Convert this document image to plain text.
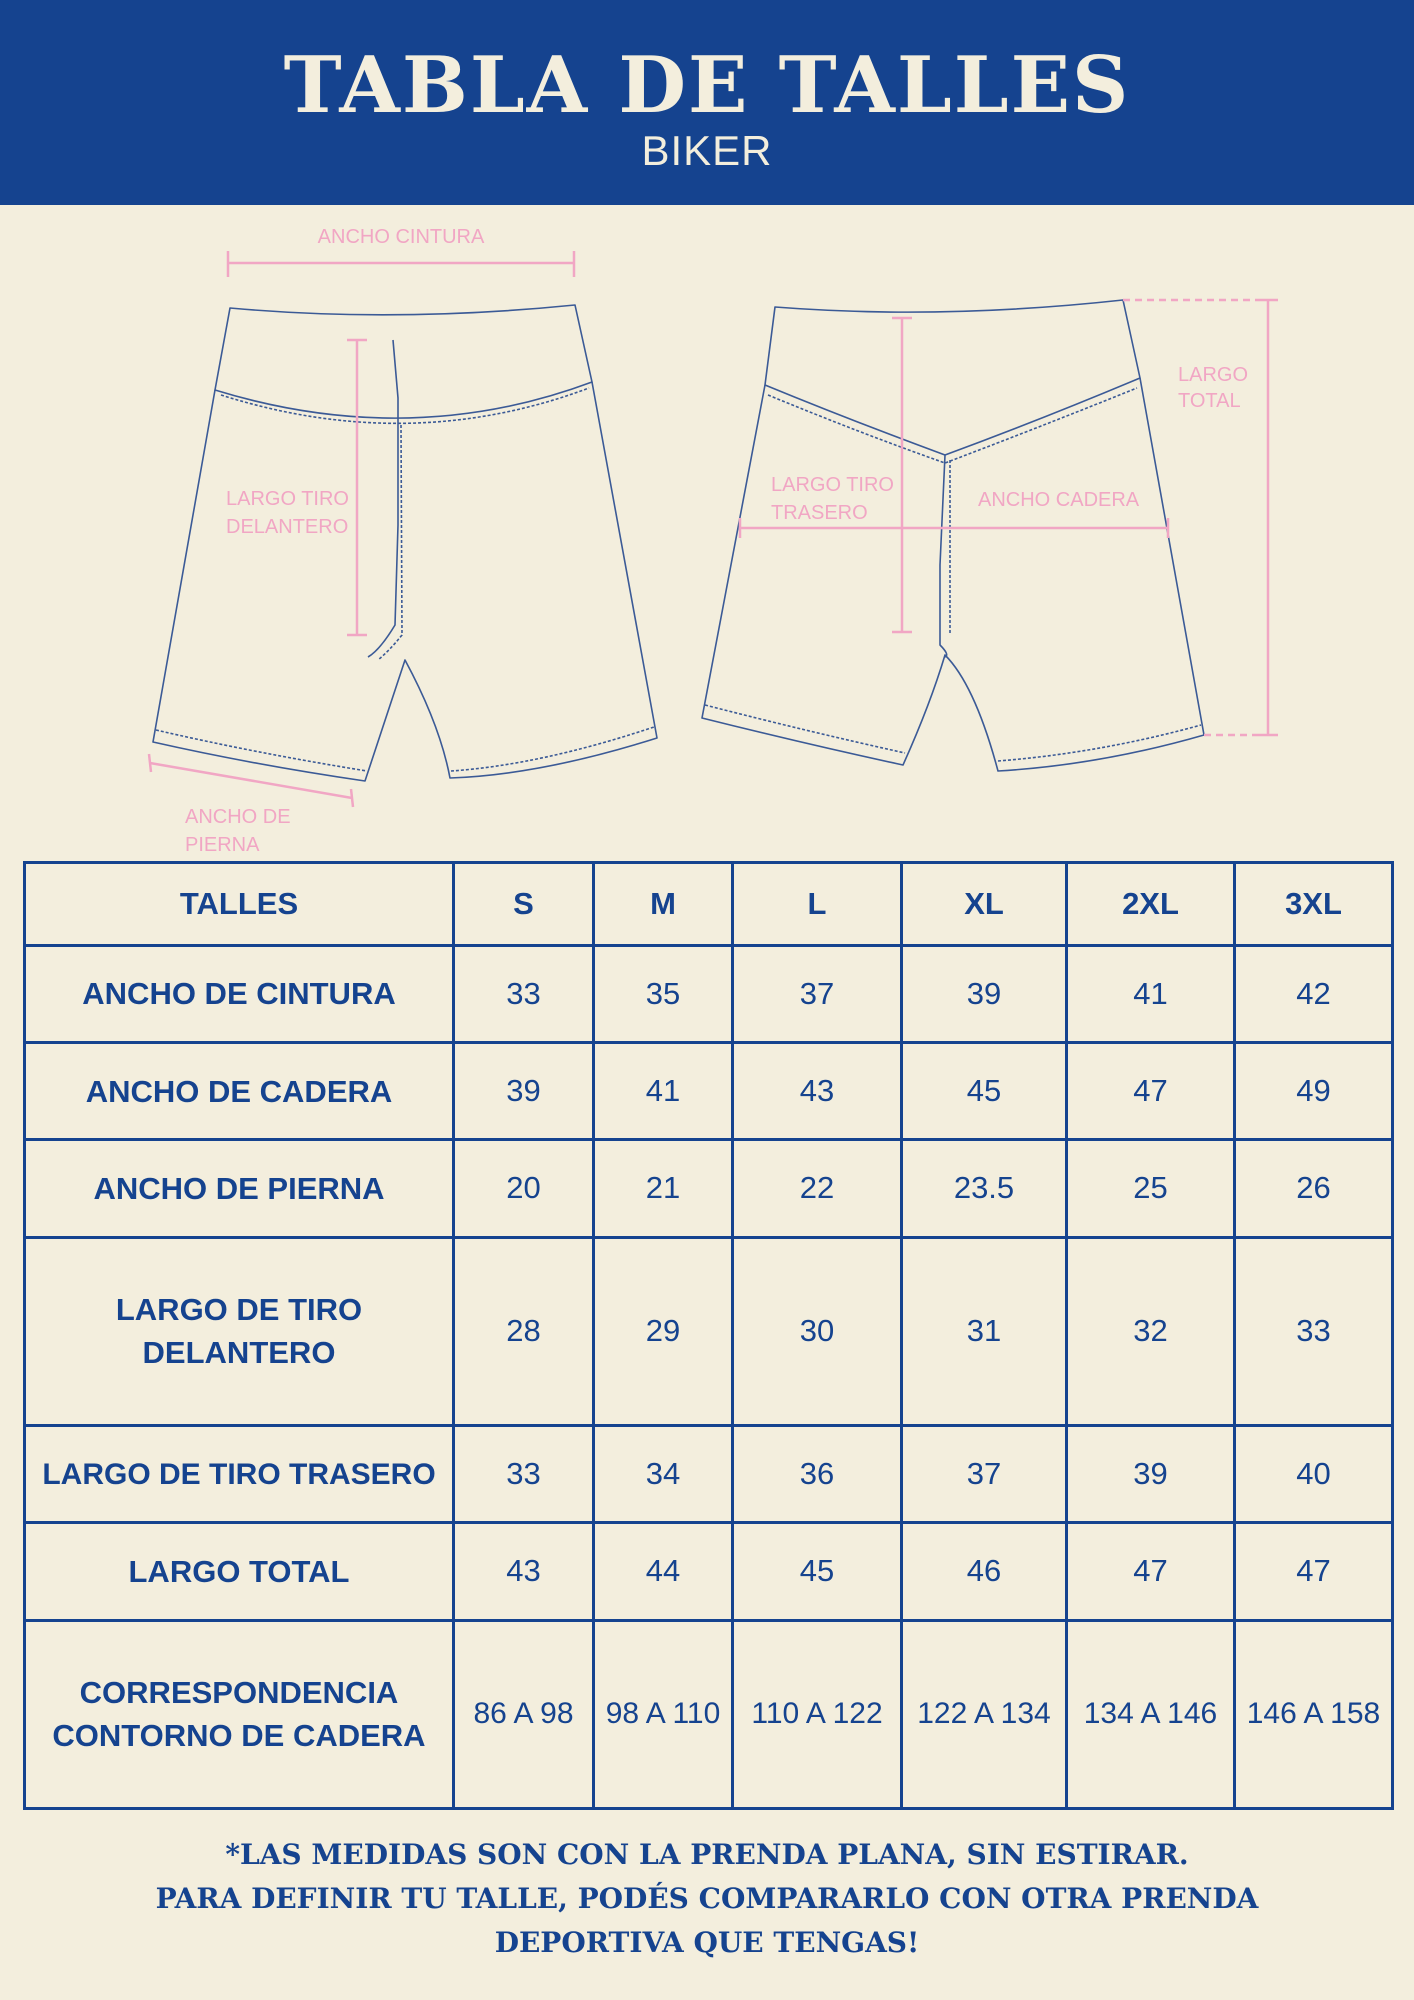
TABLA DE TALLES
BIKER
ANCHO CINTURA
LARGO TIRO
DELANTERO
ANCHO DE
PIERNA
LARGO TIRO
TRASERO
ANCHO CADERA
LARGO
TOTAL
TALLES	S	M	L	XL	2XL	3XL
ANCHO DE CINTURA	33	35	37	39	41	42
ANCHO DE CADERA	39	41	43	45	47	49
ANCHO DE PIERNA	20	21	22	23.5	25	26

LARGO DE TIRO
DELANTERO	28	29	30	31	32	33
LARGO DE TIRO TRASERO	33	34	36	37	39	40
LARGO TOTAL	43	44	45	46	47	47

CORRESPONDENCIA
CONTORNO DE CADERA	86 A 98	98 A 110	110 A 122	122 A 134	134 A 146	146 A 158
*LAS MEDIDAS SON CON LA PRENDA PLANA, SIN ESTIRAR.
PARA DEFINIR TU TALLE, PODÉS COMPARARLO CON OTRA PRENDA
DEPORTIVA QUE TENGAS!
